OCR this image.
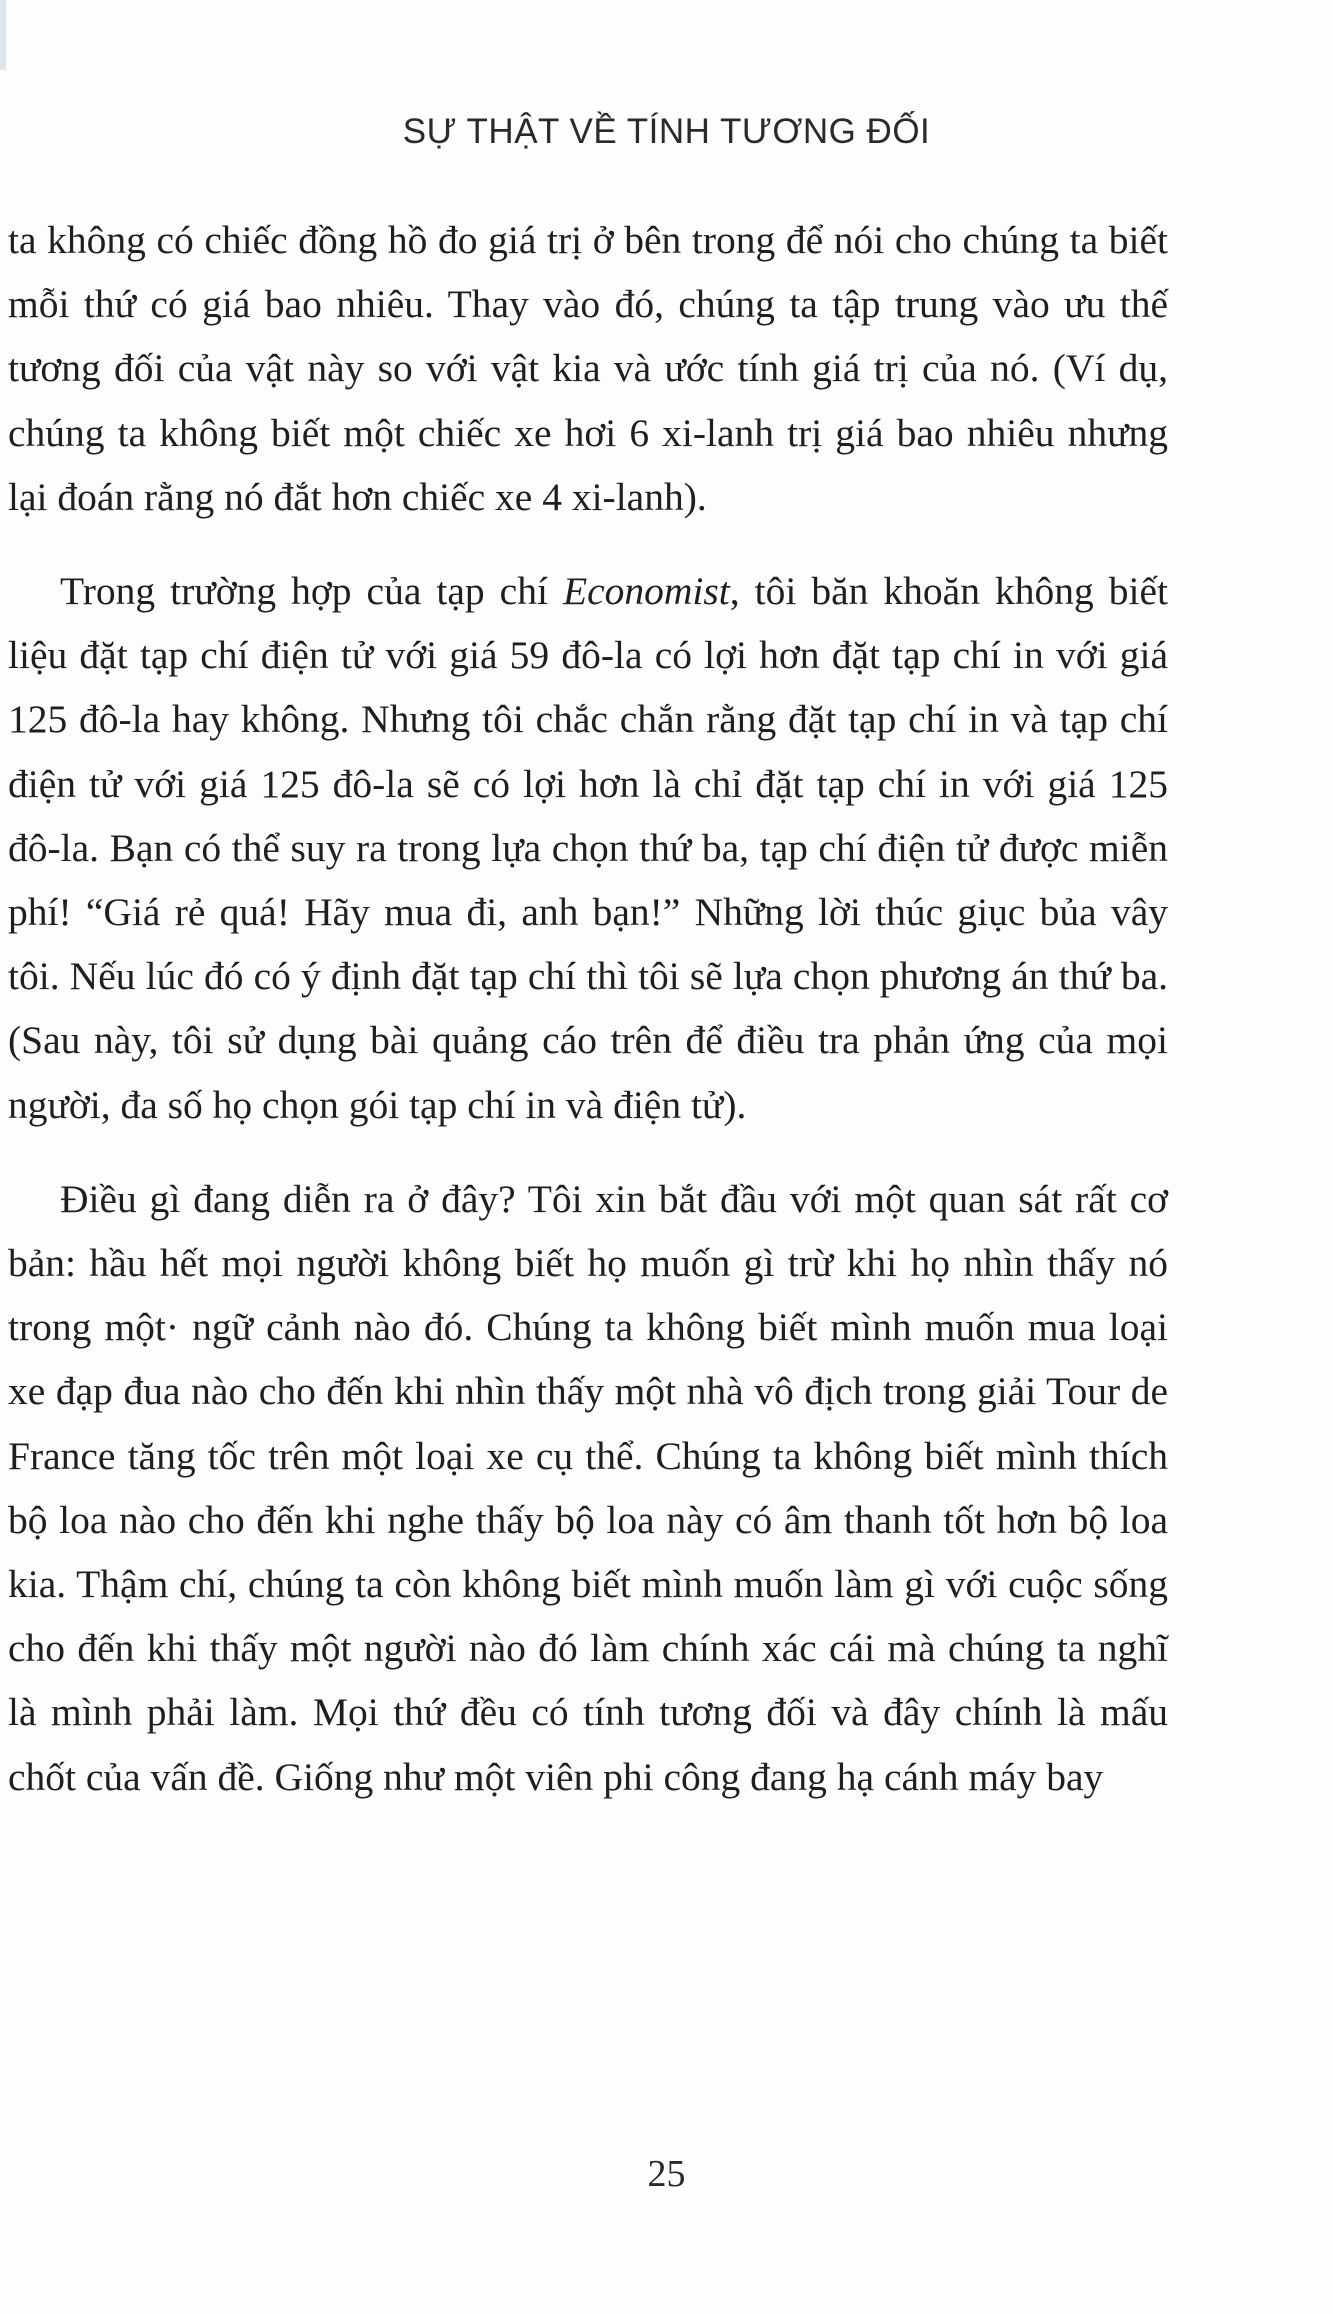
SỰ THẬT VỀ TÍNH TƯƠNG ĐỐI

ta không có chiếc đồng hồ đo giá trị ở bên trong để nói cho chúng ta biết mỗi thứ có giá bao nhiêu. Thay vào đó, chúng ta tập trung vào ưu thế tương đối của vật này so với vật kia và ước tính giá trị của nó. (Ví dụ, chúng ta không biết một chiếc xe hơi 6 xi-lanh trị giá bao nhiêu nhưng lại đoán rằng nó đắt hơn chiếc xe 4 xi-lanh).

Trong trường hợp của tạp chí Economist, tôi băn khoăn không biết liệu đặt tạp chí điện tử với giá 59 đô-la có lợi hơn đặt tạp chí in với giá 125 đô-la hay không. Nhưng tôi chắc chắn rằng đặt tạp chí in và tạp chí điện tử với giá 125 đô-la sẽ có lợi hơn là chỉ đặt tạp chí in với giá 125 đô-la. Bạn có thể suy ra trong lựa chọn thứ ba, tạp chí điện tử được miễn phí! “Giá rẻ quá! Hãy mua đi, anh bạn!” Những lời thúc giục bủa vây tôi. Nếu lúc đó có ý định đặt tạp chí thì tôi sẽ lựa chọn phương án thứ ba. (Sau này, tôi sử dụng bài quảng cáo trên để điều tra phản ứng của mọi người, đa số họ chọn gói tạp chí in và điện tử).

Điều gì đang diễn ra ở đây? Tôi xin bắt đầu với một quan sát rất cơ bản: hầu hết mọi người không biết họ muốn gì trừ khi họ nhìn thấy nó trong một· ngữ cảnh nào đó. Chúng ta không biết mình muốn mua loại xe đạp đua nào cho đến khi nhìn thấy một nhà vô địch trong giải Tour de France tăng tốc trên một loại xe cụ thể. Chúng ta không biết mình thích bộ loa nào cho đến khi nghe thấy bộ loa này có âm thanh tốt hơn bộ loa kia. Thậm chí, chúng ta còn không biết mình muốn làm gì với cuộc sống cho đến khi thấy một người nào đó làm chính xác cái mà chúng ta nghĩ là mình phải làm. Mọi thứ đều có tính tương đối và đây chính là mấu chốt của vấn đề. Giống như một viên phi công đang hạ cánh máy bay

25
